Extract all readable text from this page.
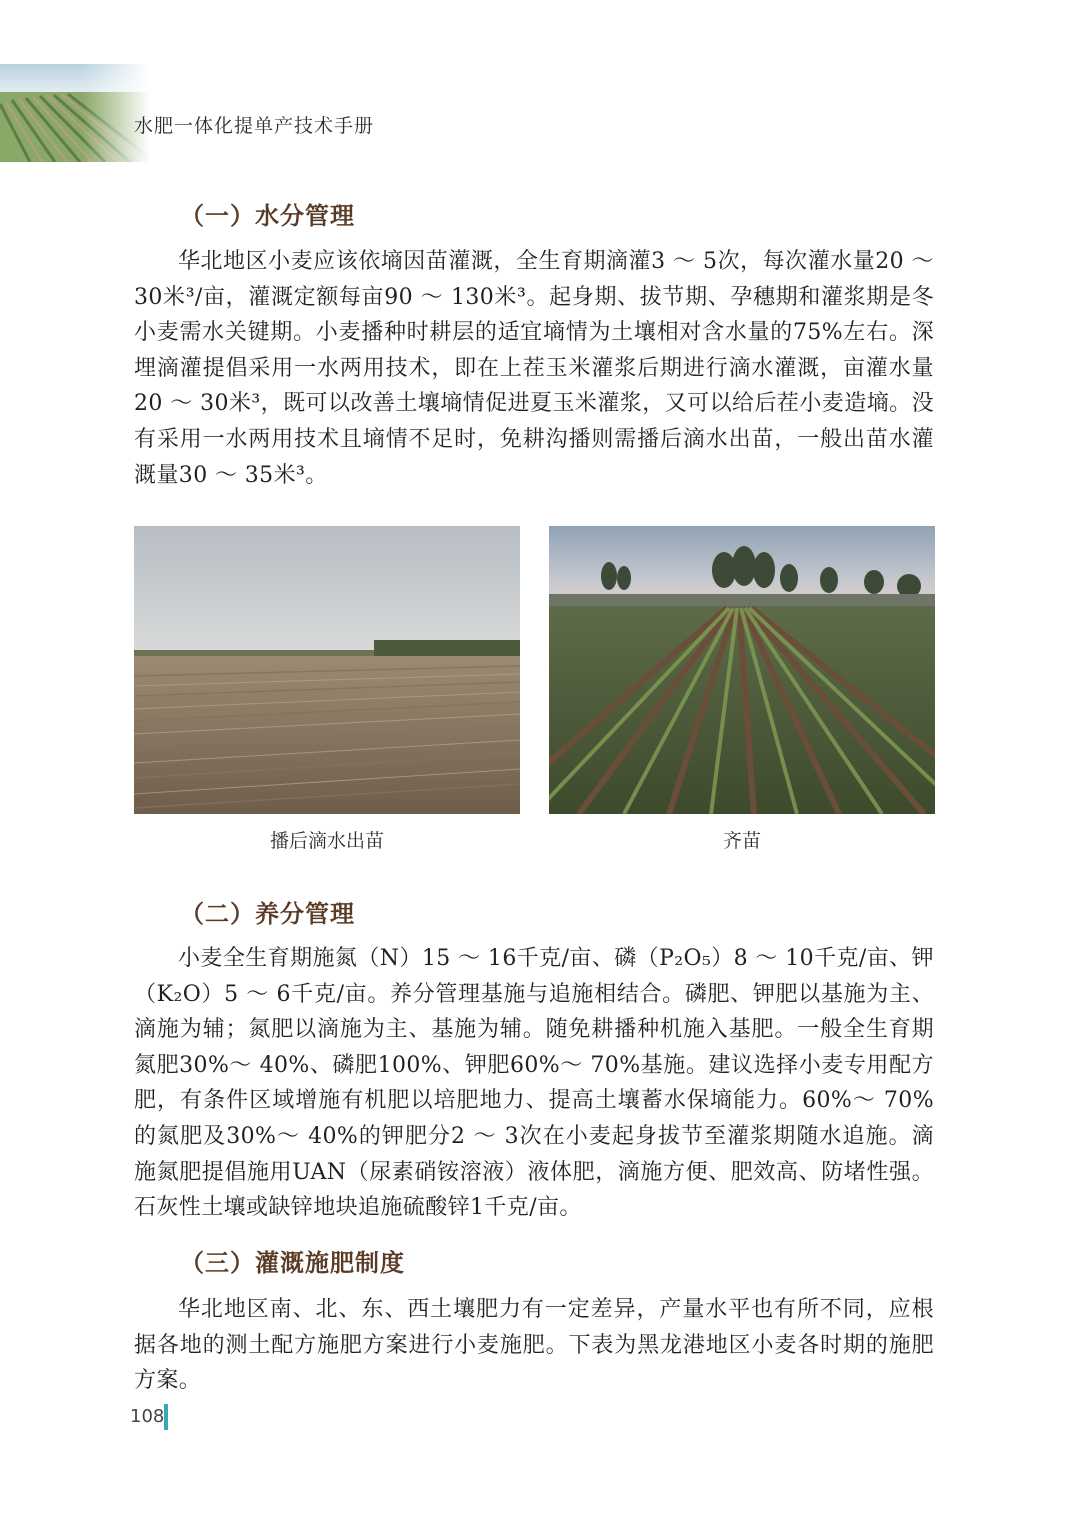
水肥一体化提单产技术手册
（一）水分管理
华北地区小麦应该依墒因苗灌溉，全生育期滴灌3 ～ 5次，每次灌水量20 ～ 30米³/亩，灌溉定额每亩90 ～ 130米³。起身期、拔节期、孕穗期和灌浆期是冬小麦需水关键期。小麦播种时耕层的适宜墒情为土壤相对含水量的75%左右。深埋滴灌提倡采用一水两用技术，即在上茬玉米灌浆后期进行滴水灌溉，亩灌水量20 ～ 30米³，既可以改善土壤墒情促进夏玉米灌浆，又可以给后茬小麦造墒。没有采用一水两用技术且墒情不足时，免耕沟播则需播后滴水出苗，一般出苗水灌溉量30 ～ 35米³。
播后滴水出苗	齐苗
（二）养分管理
小麦全生育期施氮（N）15 ～ 16千克/亩、磷（P₂O₅）8 ～ 10千克/亩、钾（K₂O）5 ～ 6千克/亩。养分管理基施与追施相结合。磷肥、钾肥以基施为主、滴施为辅；氮肥以滴施为主、基施为辅。随免耕播种机施入基肥。一般全生育期氮肥30%～ 40%、磷肥100%、钾肥60%～ 70%基施。建议选择小麦专用配方肥，有条件区域增施有机肥以培肥地力、提高土壤蓄水保墒能力。60%～ 70%的氮肥及30%～ 40%的钾肥分2 ～ 3次在小麦起身拔节至灌浆期随水追施。滴施氮肥提倡施用UAN（尿素硝铵溶液）液体肥，滴施方便、肥效高、防堵性强。石灰性土壤或缺锌地块追施硫酸锌1千克/亩。
（三）灌溉施肥制度
华北地区南、北、东、西土壤肥力有一定差异，产量水平也有所不同，应根据各地的测土配方施肥方案进行小麦施肥。下表为黑龙港地区小麦各时期的施肥方案。
108
